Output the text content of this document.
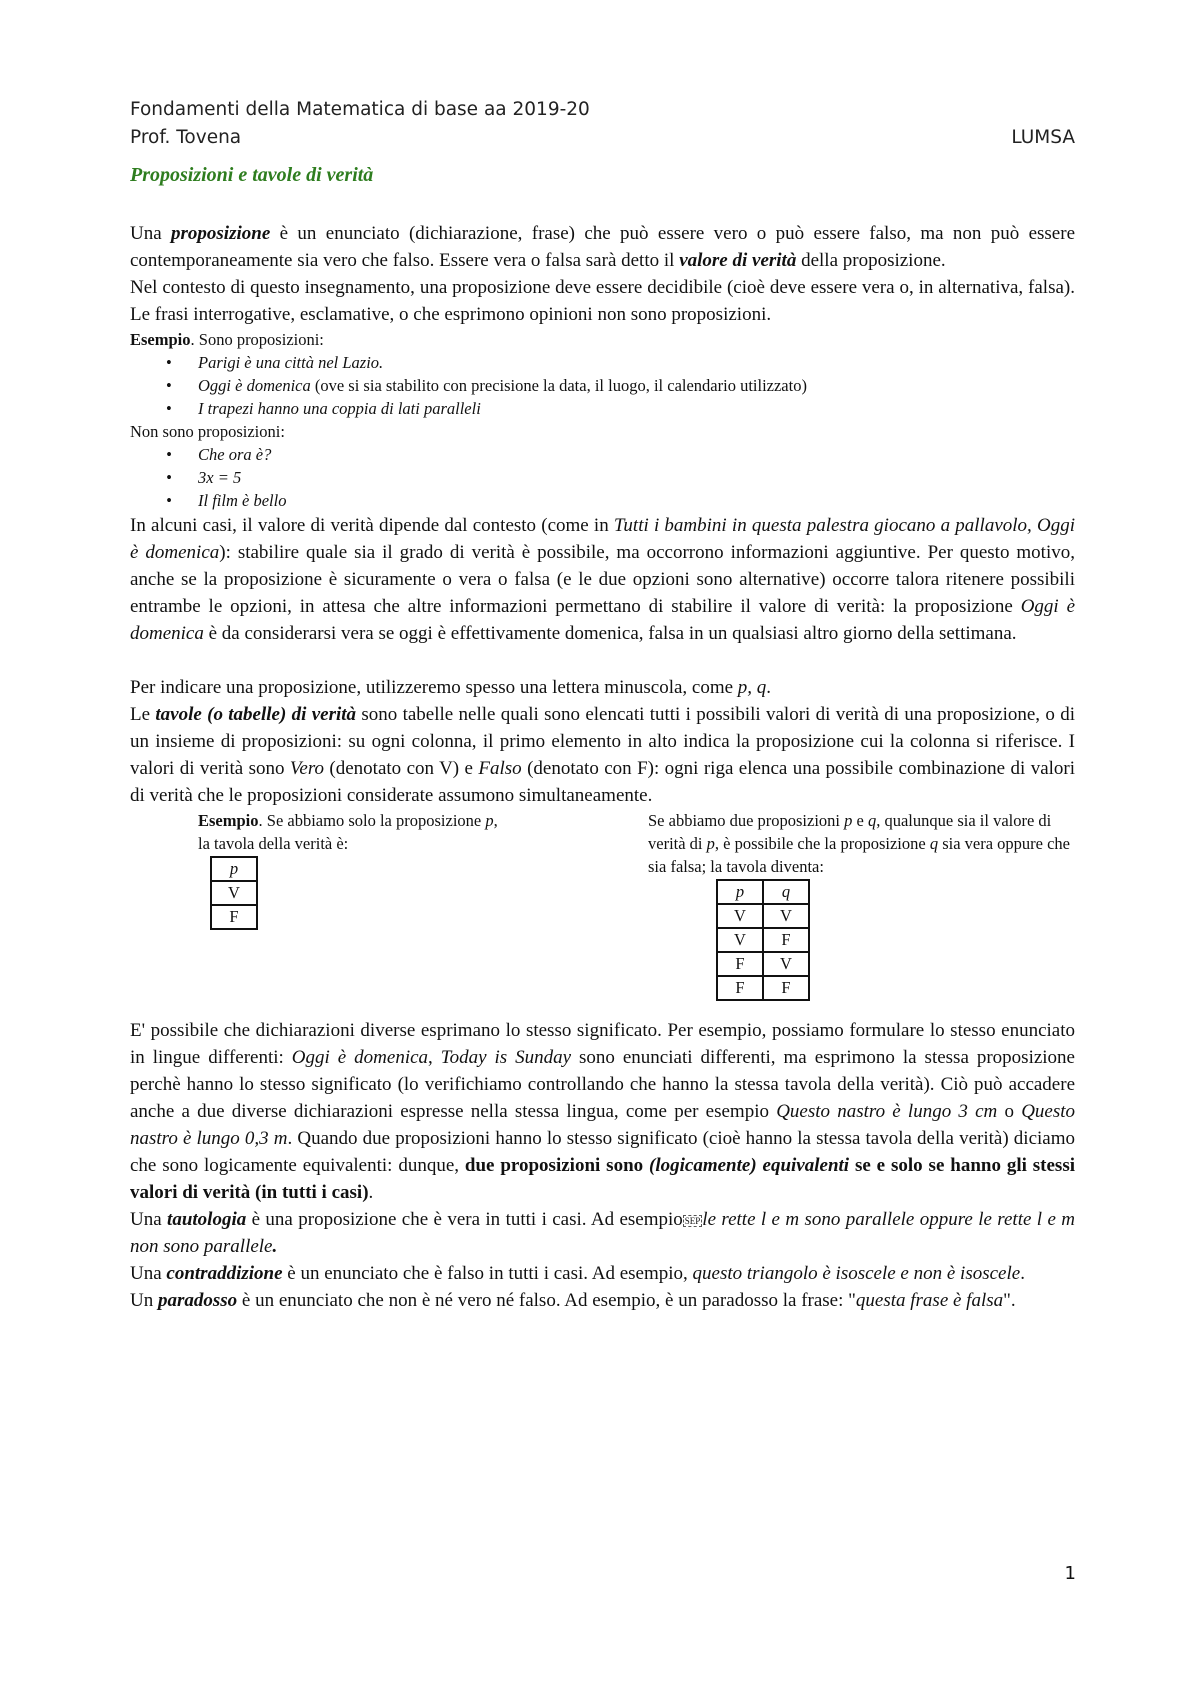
Fondamenti della Matematica di base aa 2019-20
Prof. Tovena	LUMSA
Proposizioni e tavole di verità

Una proposizione è un enunciato (dichiarazione, frase) che può essere vero o può essere falso, ma non può essere contemporaneamente sia vero che falso. Essere vera o falsa sarà detto il valore di verità della proposizione.

Nel contesto di questo insegnamento, una proposizione deve essere decidibile (cioè deve essere vera o, in alternativa, falsa). Le frasi interrogative, esclamative, o che esprimono opinioni non sono proposizioni.

Esempio. Sono proposizioni:
• Parigi è una città nel Lazio.
• Oggi è domenica (ove si sia stabilito con precisione la data, il luogo, il calendario utilizzato)
• I trapezi hanno una coppia di lati paralleli
Non sono proposizioni:
• Che ora è?
• 3x = 5
• Il film è bello

In alcuni casi, il valore di verità dipende dal contesto (come in Tutti i bambini in questa palestra giocano a pallavolo, Oggi è domenica): stabilire quale sia il grado di verità è possibile, ma occorrono informazioni aggiuntive. Per questo motivo, anche se la proposizione è sicuramente o vera o falsa (e le due opzioni sono alternative) occorre talora ritenere possibili entrambe le opzioni, in attesa che altre informazioni permettano di stabilire il valore di verità: la proposizione Oggi è domenica è da considerarsi vera se oggi è effettivamente domenica, falsa in un qualsiasi altro giorno della settimana.

Per indicare una proposizione, utilizzeremo spesso una lettera minuscola, come p, q.

Le tavole (o tabelle) di verità sono tabelle nelle quali sono elencati tutti i possibili valori di verità di una proposizione, o di un insieme di proposizioni: su ogni colonna, il primo elemento in alto indica la proposizione cui la colonna si riferisce. I valori di verità sono Vero (denotato con V) e Falso (denotato con F): ogni riga elenca una possibile combinazione di valori di verità che le proposizioni considerate assumono simultaneamente.

Esempio. Se abbiamo solo la proposizione p,
la tavola della verità è:
p
V
F
Se abbiamo due proposizioni p e q, qualunque sia il valore di verità di p, è possibile che la proposizione q sia vera oppure che sia falsa; la tavola diventa:
p	q
V	V
V	F
F	V
F	F

E' possibile che dichiarazioni diverse esprimano lo stesso significato. Per esempio, possiamo formulare lo stesso enunciato in lingue differenti: Oggi è domenica, Today is Sunday sono enunciati differenti, ma esprimono la stessa proposizione perchè hanno lo stesso significato (lo verifichiamo controllando che hanno la stessa tavola della verità). Ciò può accadere anche a due diverse dichiarazioni espresse nella stessa lingua, come per esempio Questo nastro è lungo 3 cm o Questo nastro è lungo 0,3 m. Quando due proposizioni hanno lo stesso significato (cioè hanno la stessa tavola della verità) diciamo che sono logicamente equivalenti: dunque, due proposizioni sono (logicamente) equivalenti se e solo se hanno gli stessi valori di verità (in tutti i casi).

Una tautologia è una proposizione che è vera in tutti i casi. Ad esempio SEP le rette l e m sono parallele oppure le rette l e m non sono parallele.

Una contraddizione è un enunciato che è falso in tutti i casi. Ad esempio, questo triangolo è isoscele e non è isoscele.

Un paradosso è un enunciato che non è né vero né falso. Ad esempio, è un paradosso la frase: "questa frase è falsa".

1
